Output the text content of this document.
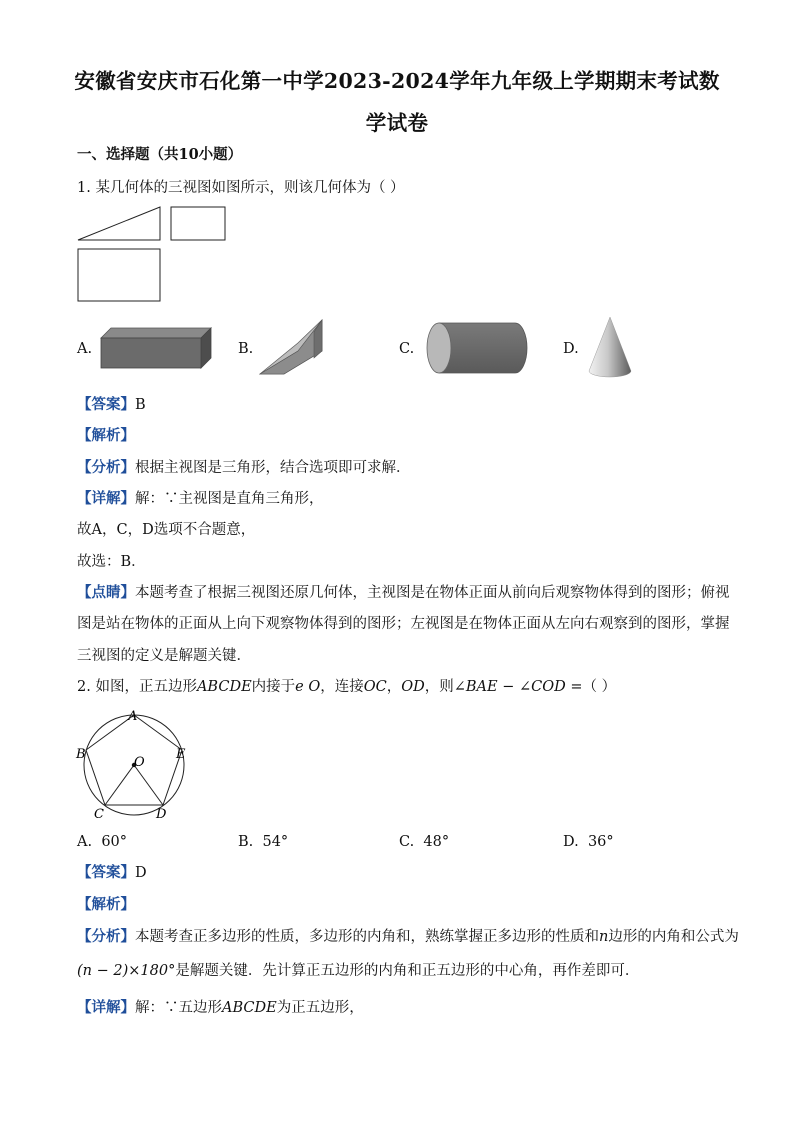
安徽省安庆市石化第一中学2023-2024学年九年级上学期期末考试数
学试卷
一、选择题（共10小题）
1. 某几何体的三视图如图所示，则该几何体为（ ）
A.	B.	C.	D.
【答案】B
【解析】
【分析】根据主视图是三角形，结合选项即可求解．
【详解】解：∵主视图是直角三角形，
故A，C，D选项不合题意，
故选：B．
【点睛】本题考查了根据三视图还原几何体，主视图是在物体正面从前向后观察物体得到的图形；俯视
图是站在物体的正面从上向下观察物体得到的图形；左视图是在物体正面从左向右观察到的图形，掌握
三视图的定义是解题关键．
2. 如图，正五边形ABCDE内接于e O，连接OC，OD，则∠BAE − ∠COD =（ ）
A
B	E
O
C	D
A. 60°	B. 54°	C. 48°	D. 36°
【答案】D
【解析】
【分析】本题考查正多边形的性质，多边形的内角和，熟练掌握正多边形的性质和n边形的内角和公式为
(n − 2)×180°是解题关键．先计算正五边形的内角和正五边形的中心角，再作差即可．
【详解】解：∵五边形ABCDE为正五边形，
